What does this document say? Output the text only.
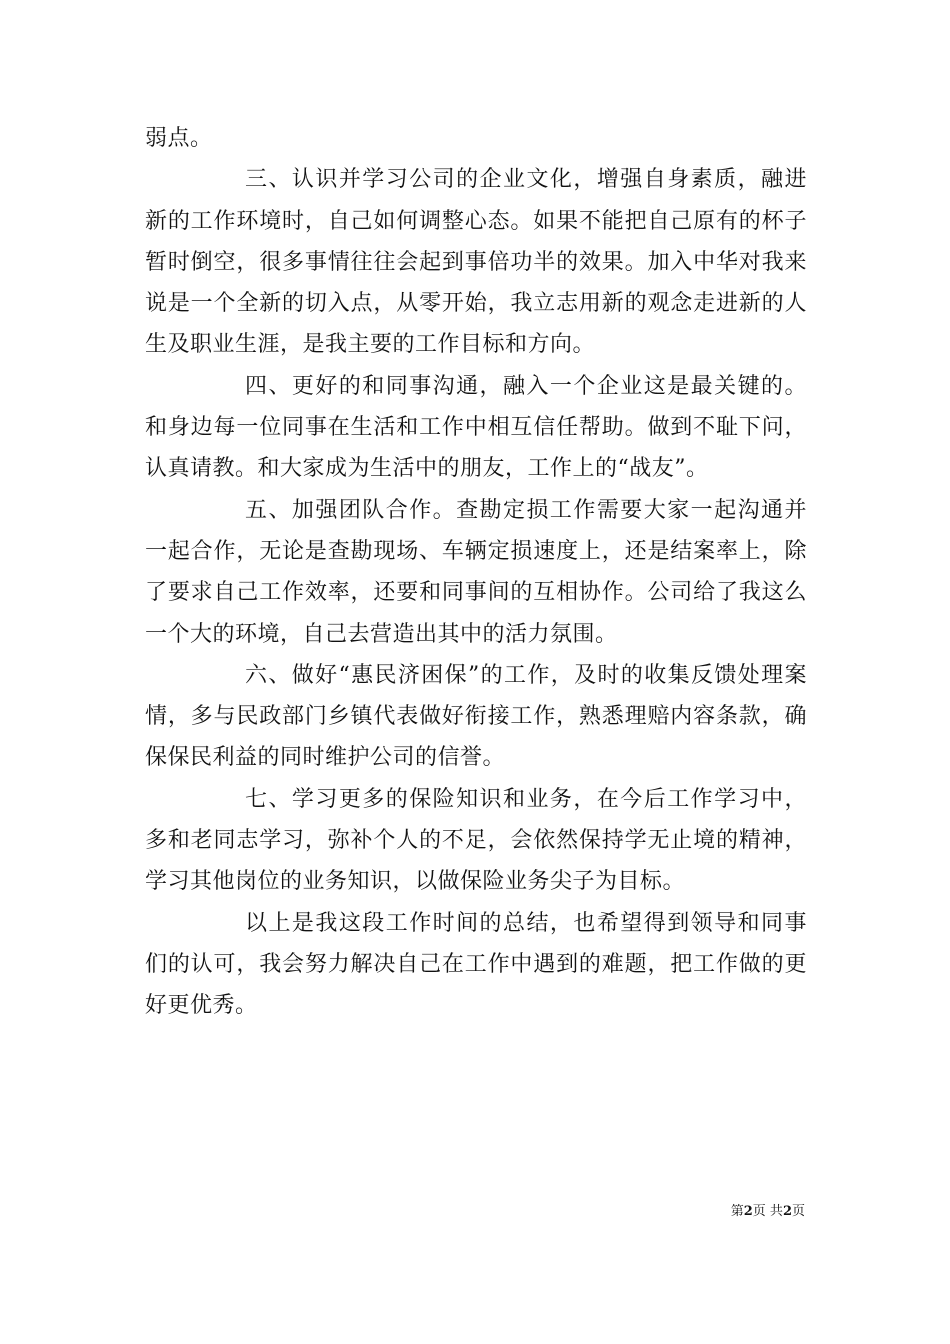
弱点。

三、认识并学习公司的企业文化，增强自身素质，融进新的工作环境时，自己如何调整心态。如果不能把自己原有的杯子暂时倒空，很多事情往往会起到事倍功半的效果。加入中华对我来说是一个全新的切入点，从零开始，我立志用新的观念走进新的人生及职业生涯，是我主要的工作目标和方向。

四、更好的和同事沟通，融入一个企业这是最关键的。和身边每一位同事在生活和工作中相互信任帮助。做到不耻下问，认真请教。和大家成为生活中的朋友，工作上的“战友”。

五、加强团队合作。查勘定损工作需要大家一起沟通并一起合作，无论是查勘现场、车辆定损速度上，还是结案率上，除了要求自己工作效率，还要和同事间的互相协作。公司给了我这么一个大的环境，自己去营造出其中的活力氛围。

六、做好“惠民济困保”的工作，及时的收集反馈处理案情，多与民政部门乡镇代表做好衔接工作，熟悉理赔内容条款，确保保民利益的同时维护公司的信誉。

七、学习更多的保险知识和业务，在今后工作学习中，多和老同志学习，弥补个人的不足，会依然保持学无止境的精神，学习其他岗位的业务知识，以做保险业务尖子为目标。

以上是我这段工作时间的总结，也希望得到领导和同事们的认可，我会努力解决自己在工作中遇到的难题，把工作做的更好更优秀。

第2页 共2页
